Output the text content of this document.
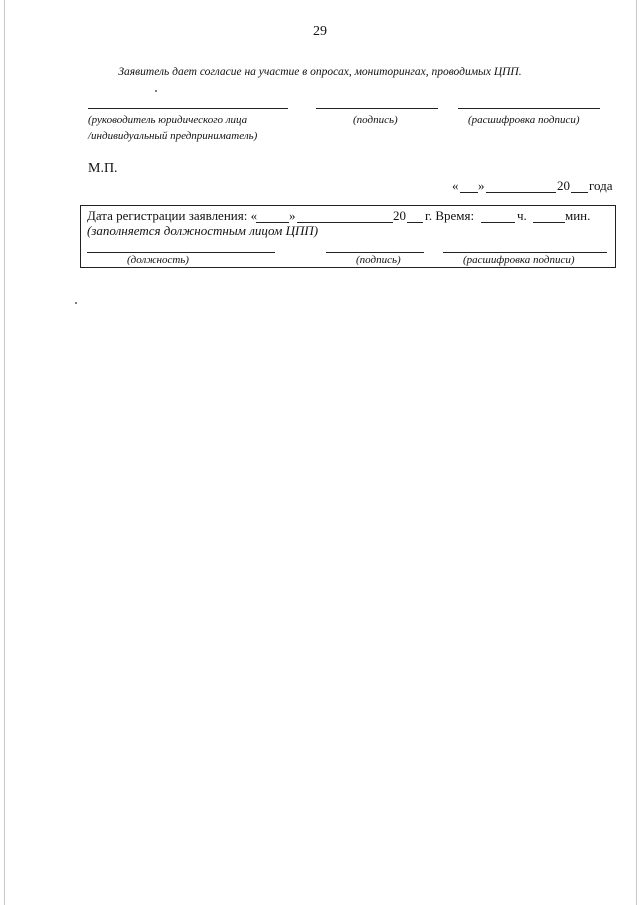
29
Заявитель дает согласие на участие в опросах, мониторингах, проводимых ЦПП.
(руководитель юридического лица
/индивидуальный предприниматель)
(подпись)	(расшифровка подписи)
М.П.
« »	20 года
Дата регистрации заявления: « »	20 г. Время:	ч.	мин.
(заполняется должностным лицом ЦПП)
(должность)	(подпись)	(расшифровка подписи)
